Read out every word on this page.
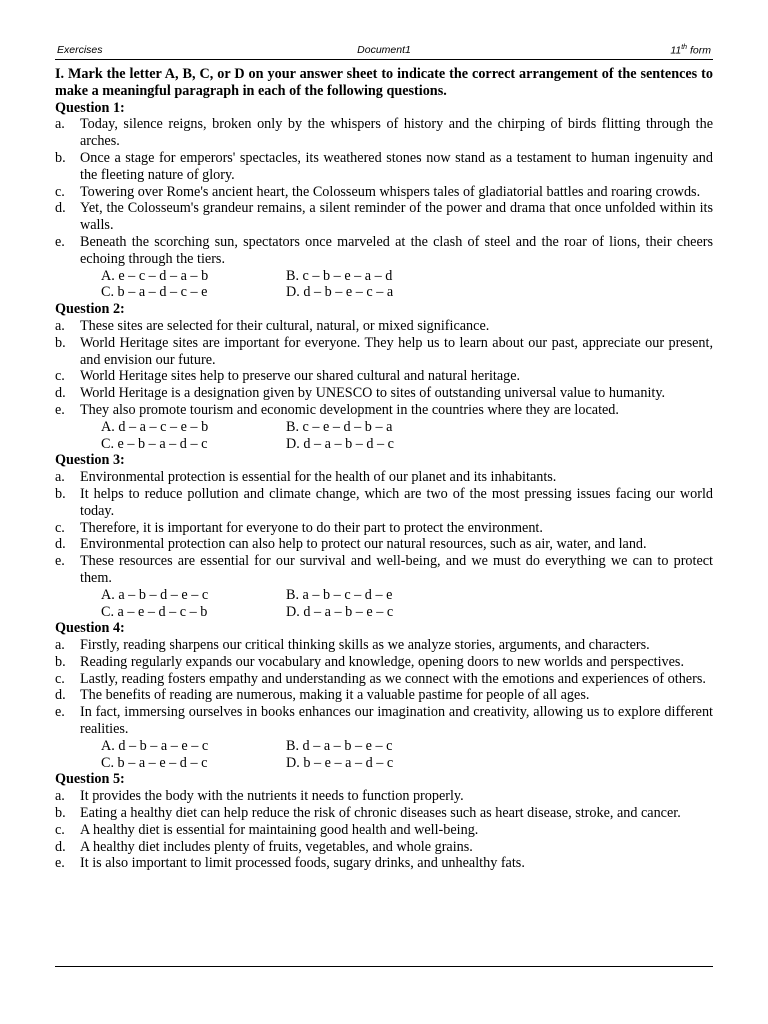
Exercises	Document1	11th form

I. Mark the letter A, B, C, or D on your answer sheet to indicate the correct arrangement of the sentences to make a meaningful paragraph in each of the following questions.

Question 1:

a.	Today, silence reigns, broken only by the whispers of history and the chirping of birds flitting through the arches.
b.	Once a stage for emperors' spectacles, its weathered stones now stand as a testament to human ingenuity and the fleeting nature of glory.
c.	Towering over Rome's ancient heart, the Colosseum whispers tales of gladiatorial battles and roaring crowds.
d.	Yet, the Colosseum's grandeur remains, a silent reminder of the power and drama that once unfolded within its walls.
e.	Beneath the scorching sun, spectators once marveled at the clash of steel and the roar of lions, their cheers echoing through the tiers.
A. e – c – d – a – b	B. c – b – e – a – d
C. b – a – d – c – e	D. d – b – e – c – a

Question 2:

a.	These sites are selected for their cultural, natural, or mixed significance.
b.	World Heritage sites are important for everyone. They help us to learn about our past, appreciate our present, and envision our future.
c.	World Heritage sites help to preserve our shared cultural and natural heritage.
d.	World Heritage is a designation given by UNESCO to sites of outstanding universal value to humanity.
e.	They also promote tourism and economic development in the countries where they are located.
A. d – a – c – e – b	B. c – e – d – b – a
C. e – b – a – d – c	D. d – a – b – d – c

Question 3:

a.	Environmental protection is essential for the health of our planet and its inhabitants.
b.	It helps to reduce pollution and climate change, which are two of the most pressing issues facing our world today.
c.	Therefore, it is important for everyone to do their part to protect the environment.
d.	Environmental protection can also help to protect our natural resources, such as air, water, and land.
e.	These resources are essential for our survival and well-being, and we must do everything we can to protect them.
A. a – b – d – e – c	B. a – b – c – d – e
C. a – e – d – c – b	D. d – a – b – e – c

Question 4:

a.	Firstly, reading sharpens our critical thinking skills as we analyze stories, arguments, and characters.
b.	Reading regularly expands our vocabulary and knowledge, opening doors to new worlds and perspectives.
c.	Lastly, reading fosters empathy and understanding as we connect with the emotions and experiences of others.
d.	The benefits of reading are numerous, making it a valuable pastime for people of all ages.
e.	In fact, immersing ourselves in books enhances our imagination and creativity, allowing us to explore different realities.
A. d – b – a – e – c	B. d – a – b – e – c
C. b – a – e – d – c	D. b – e – a – d – c

Question 5:

a.	It provides the body with the nutrients it needs to function properly.
b.	Eating a healthy diet can help reduce the risk of chronic diseases such as heart disease, stroke, and cancer.
c.	A healthy diet is essential for maintaining good health and well-being.
d.	A healthy diet includes plenty of fruits, vegetables, and whole grains.
e.	It is also important to limit processed foods, sugary drinks, and unhealthy fats.
